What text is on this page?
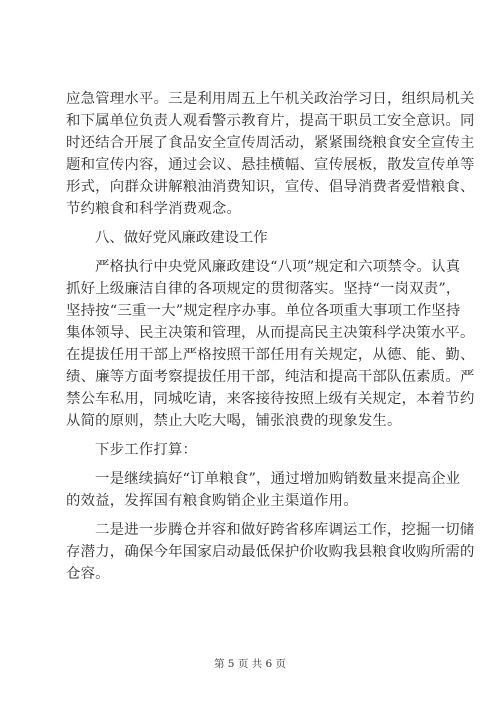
应急管理水平。三是利用周五上午机关政治学习日，组织局机关
和下属单位负责人观看警示教育片，提高干职员工安全意识。同
时还结合开展了食品安全宣传周活动，紧紧围绕粮食安全宣传主
题和宣传内容，通过会议、悬挂横幅、宣传展板，散发宣传单等
形式，向群众讲解粮油消费知识，宣传、倡导消费者爱惜粮食、
节约粮食和科学消费观念。
八、做好党风廉政建设工作
严格执行中央党风廉政建设“八项”规定和六项禁令。认真
抓好上级廉洁自律的各项规定的贯彻落实。坚持“一岗双责”，
坚持按“三重一大”规定程序办事。单位各项重大事项工作坚持
集体领导、民主决策和管理，从而提高民主决策科学决策水平。
在提拔任用干部上严格按照干部任用有关规定，从德、能、勤、
绩、廉等方面考察提拔任用干部，纯洁和提高干部队伍素质。严
禁公车私用，同城吃请，来客接待按照上级有关规定，本着节约
从简的原则，禁止大吃大喝，铺张浪费的现象发生。
下步工作打算：
一是继续搞好“订单粮食”，通过增加购销数量来提高企业
的效益，发挥国有粮食购销企业主渠道作用。
二是进一步腾仓并容和做好跨省移库调运工作，挖掘一切储
存潜力，确保今年国家启动最低保护价收购我县粮食收购所需的
仓容。
第 5 页 共 6 页
